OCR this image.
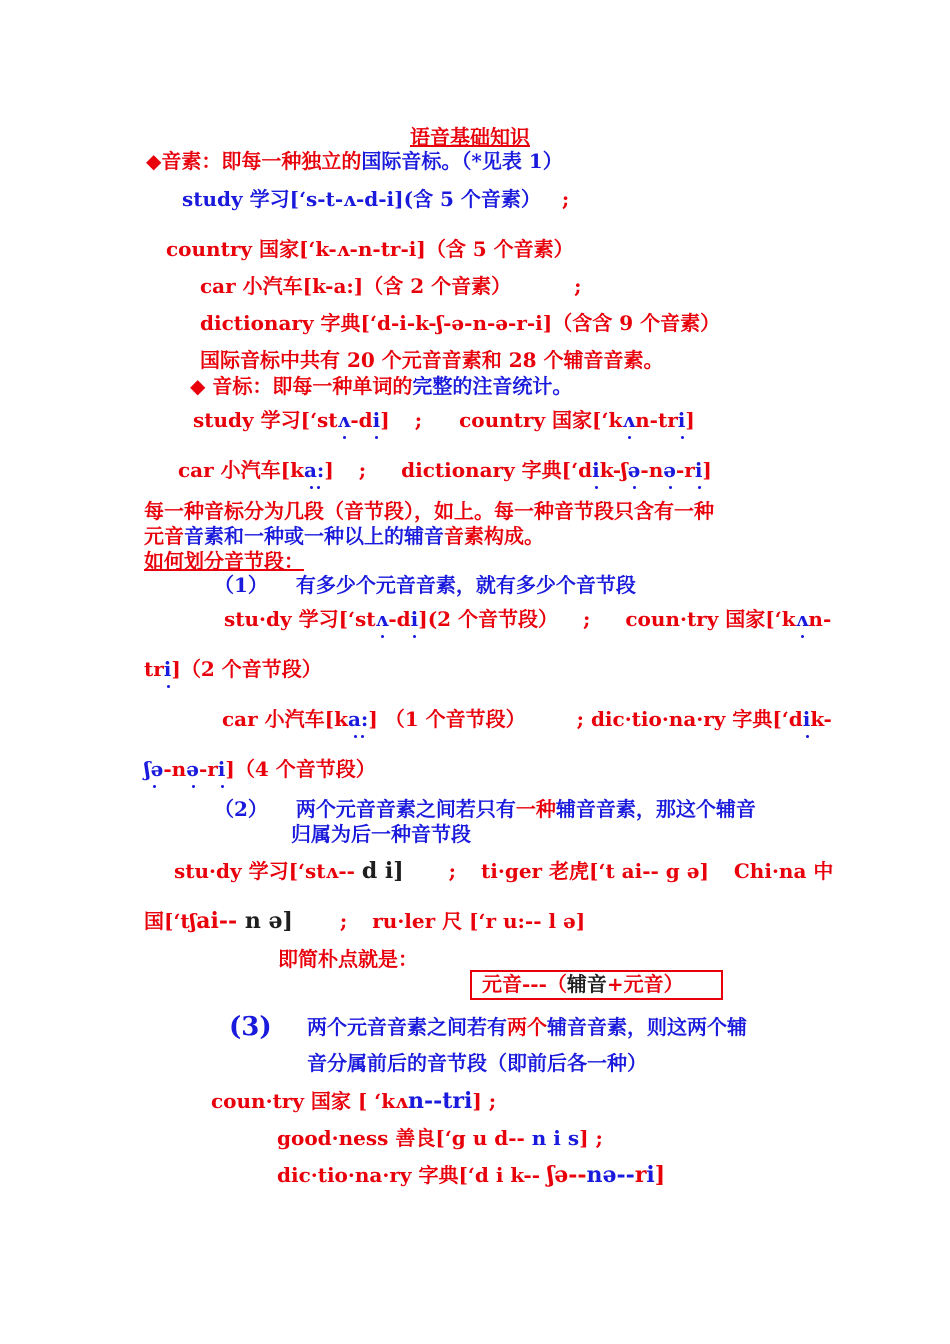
语音基础知识
◆音素：即每一种独立的国际音标。（*见表 1）
study 学习[‘s-t-ʌ-d-i](含 5 个音素） ;
country 国家[‘k-ʌ-n-tr-i]（含 5 个音素）
car 小汽车[k-a:]（含 2 个音素）	;
dictionary 字典[‘d-i-k-ʃ-ə-n-ə-r-i]（含含 9 个音素）
国际音标中共有 20 个元音音素和 28 个辅音音素。
◆ 音标：即每一种单词的完整的注音统计。
study 学习[‘stʌ-di] ; country 国家[‘kʌn-tri]
car 小汽车[ka:] ; dictionary 字典[‘dik-ʃə-nə-ri]
每一种音标分为几段（音节段），如上。每一种音节段只含有一种
元音音素和一种或一种以上的辅音音素构成。
如何划分音节段：
（1） 有多少个元音音素，就有多少个音节段
stu·dy 学习[‘stʌ-di](2 个音节段） ; coun·try 国家[‘kʌn-
tri]（2 个音节段）
car 小汽车[ka:] （1 个音节段）	; dic·tio·na·ry 字典[‘dik-
ʃə-nə-ri]（4 个音节段）
（2） 两个元音音素之间若只有一种辅音音素，那这个辅音
归属为后一种音节段
stu·dy 学习[‘stʌ-- d i] ; ti·ger 老虎[‘t ai-- g ə] Chi·na 中
国[‘tʃai-- n ə] ; ru·ler 尺 [‘r u:-- l ə]
即简朴点就是：
元音---（辅音+元音）
(3) 两个元音音素之间若有两个辅音音素，则这两个辅
音分属前后的音节段（即前后各一种）
coun·try 国家 [ ‘kʌn--tri] ;
good·ness 善良[‘g u d-- n i s] ;
dic·tio·na·ry 字典[‘d i k-- ʃə--nə--ri]
